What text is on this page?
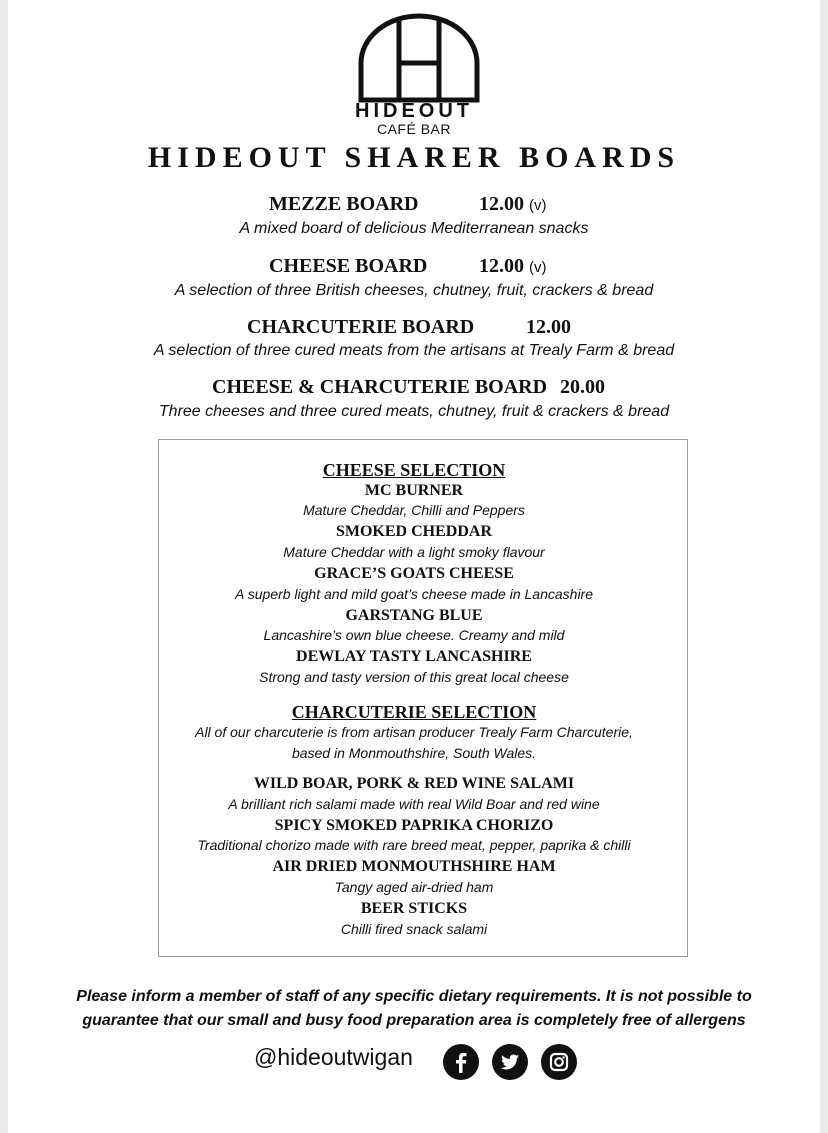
HIDEOUT
CAFÉ BAR
HIDEOUT SHARER BOARDS
MEZZE BOARD	12.00 (v)
A mixed board of delicious Mediterranean snacks
CHEESE BOARD	12.00 (v)
A selection of three British cheeses, chutney, fruit, crackers & bread
CHARCUTERIE BOARD	12.00
A selection of three cured meats from the artisans at Trealy Farm & bread
CHEESE & CHARCUTERIE BOARD 20.00
Three cheeses and three cured meats, chutney, fruit & crackers & bread
CHEESE SELECTION
MC BURNER
Mature Cheddar, Chilli and Peppers
SMOKED CHEDDAR
Mature Cheddar with a light smoky flavour
GRACE’S GOATS CHEESE
A superb light and mild goat’s cheese made in Lancashire
GARSTANG BLUE
Lancashire’s own blue cheese. Creamy and mild
DEWLAY TASTY LANCASHIRE
Strong and tasty version of this great local cheese
CHARCUTERIE SELECTION
All of our charcuterie is from artisan producer Trealy Farm Charcuterie,
based in Monmouthshire, South Wales.
WILD BOAR, PORK & RED WINE SALAMI
A brilliant rich salami made with real Wild Boar and red wine
SPICY SMOKED PAPRIKA CHORIZO
Traditional chorizo made with rare breed meat, pepper, paprika & chilli
AIR DRIED MONMOUTHSHIRE HAM
Tangy aged air-dried ham
BEER STICKS
Chilli fired snack salami
Please inform a member of staff of any specific dietary requirements. It is not possible to
guarantee that our small and busy food preparation area is completely free of allergens
@hideoutwigan
